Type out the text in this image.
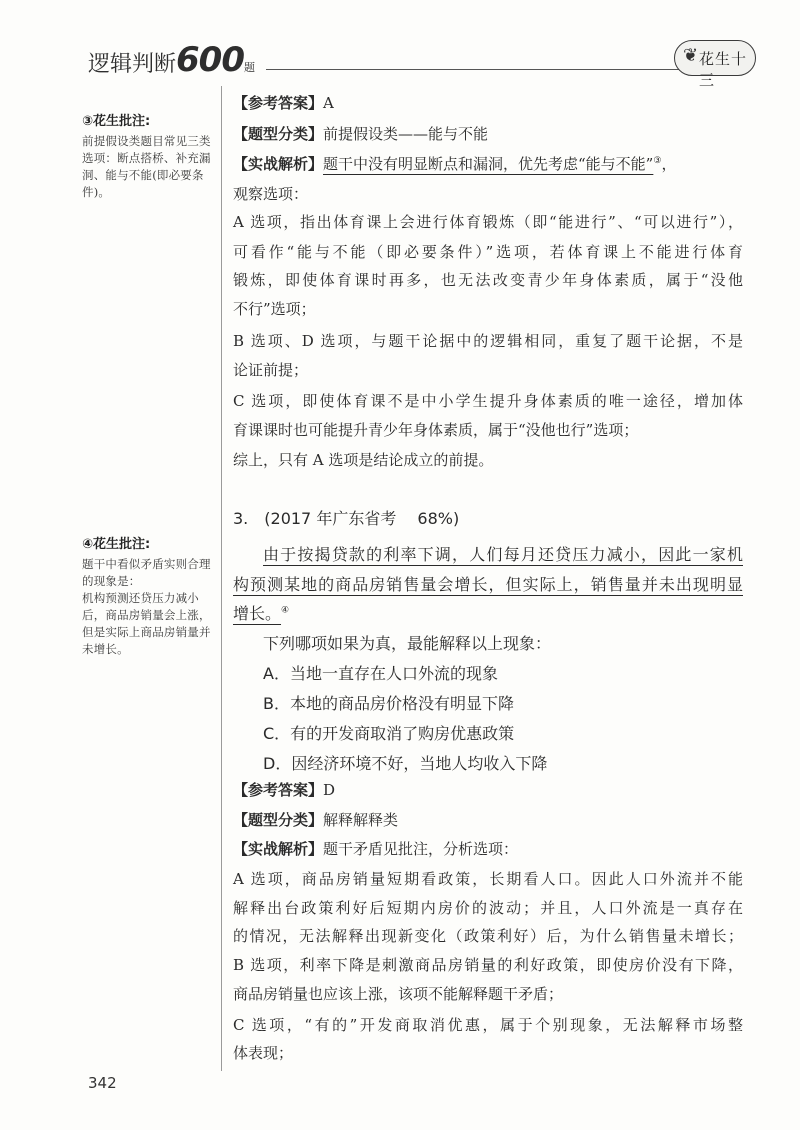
逻辑判断600题
❦ 花生十三
③花生批注:

前提假设类题目常见三类选项：断点搭桥、补充漏洞、能与不能(即必要条件)。

④花生批注:

题干中看似矛盾实则合理的现象是：

机构预测还贷压力减小后，商品房销量会上涨，但是实际上商品房销量并未增长。

【参考答案】A
【题型分类】前提假设类——能与不能
【实战解析】题干中没有明显断点和漏洞，优先考虑“能与不能”③，
观察选项：
A 选项，指出体育课上会进行体育锻炼（即“能进行”、“可以进行”），
可看作“能与不能（即必要条件）”选项，若体育课上不能进行体育
锻炼，即使体育课时再多，也无法改变青少年身体素质，属于“没他
不行”选项；
B 选项、D 选项，与题干论据中的逻辑相同，重复了题干论据，不是
论证前提；
C 选项，即使体育课不是中小学生提升身体素质的唯一途径，增加体
育课课时也可能提升青少年身体素质，属于“没他也行”选项；
综上，只有 A 选项是结论成立的前提。
3.　(2017 年广东省考　 68%)
由于按揭贷款的利率下调，人们每月还贷压力减小，因此一家机
构预测某地的商品房销售量会增长，但实际上，销售量并未出现明显
增长。④
下列哪项如果为真，最能解释以上现象：
A．当地一直存在人口外流的现象
B．本地的商品房价格没有明显下降
C．有的开发商取消了购房优惠政策
D．因经济环境不好，当地人均收入下降
【参考答案】D
【题型分类】解释解释类
【实战解析】题干矛盾见批注，分析选项：
A 选项，商品房销量短期看政策，长期看人口。因此人口外流并不能
解释出台政策利好后短期内房价的波动；并且，人口外流是一真存在
的情况，无法解释出现新变化（政策利好）后，为什么销售量未增长；
B 选项，利率下降是刺激商品房销量的利好政策，即使房价没有下降，
商品房销量也应该上涨，该项不能解释题干矛盾；
C 选项，“有的”开发商取消优惠，属于个别现象，无法解释市场整
体表现；
342
